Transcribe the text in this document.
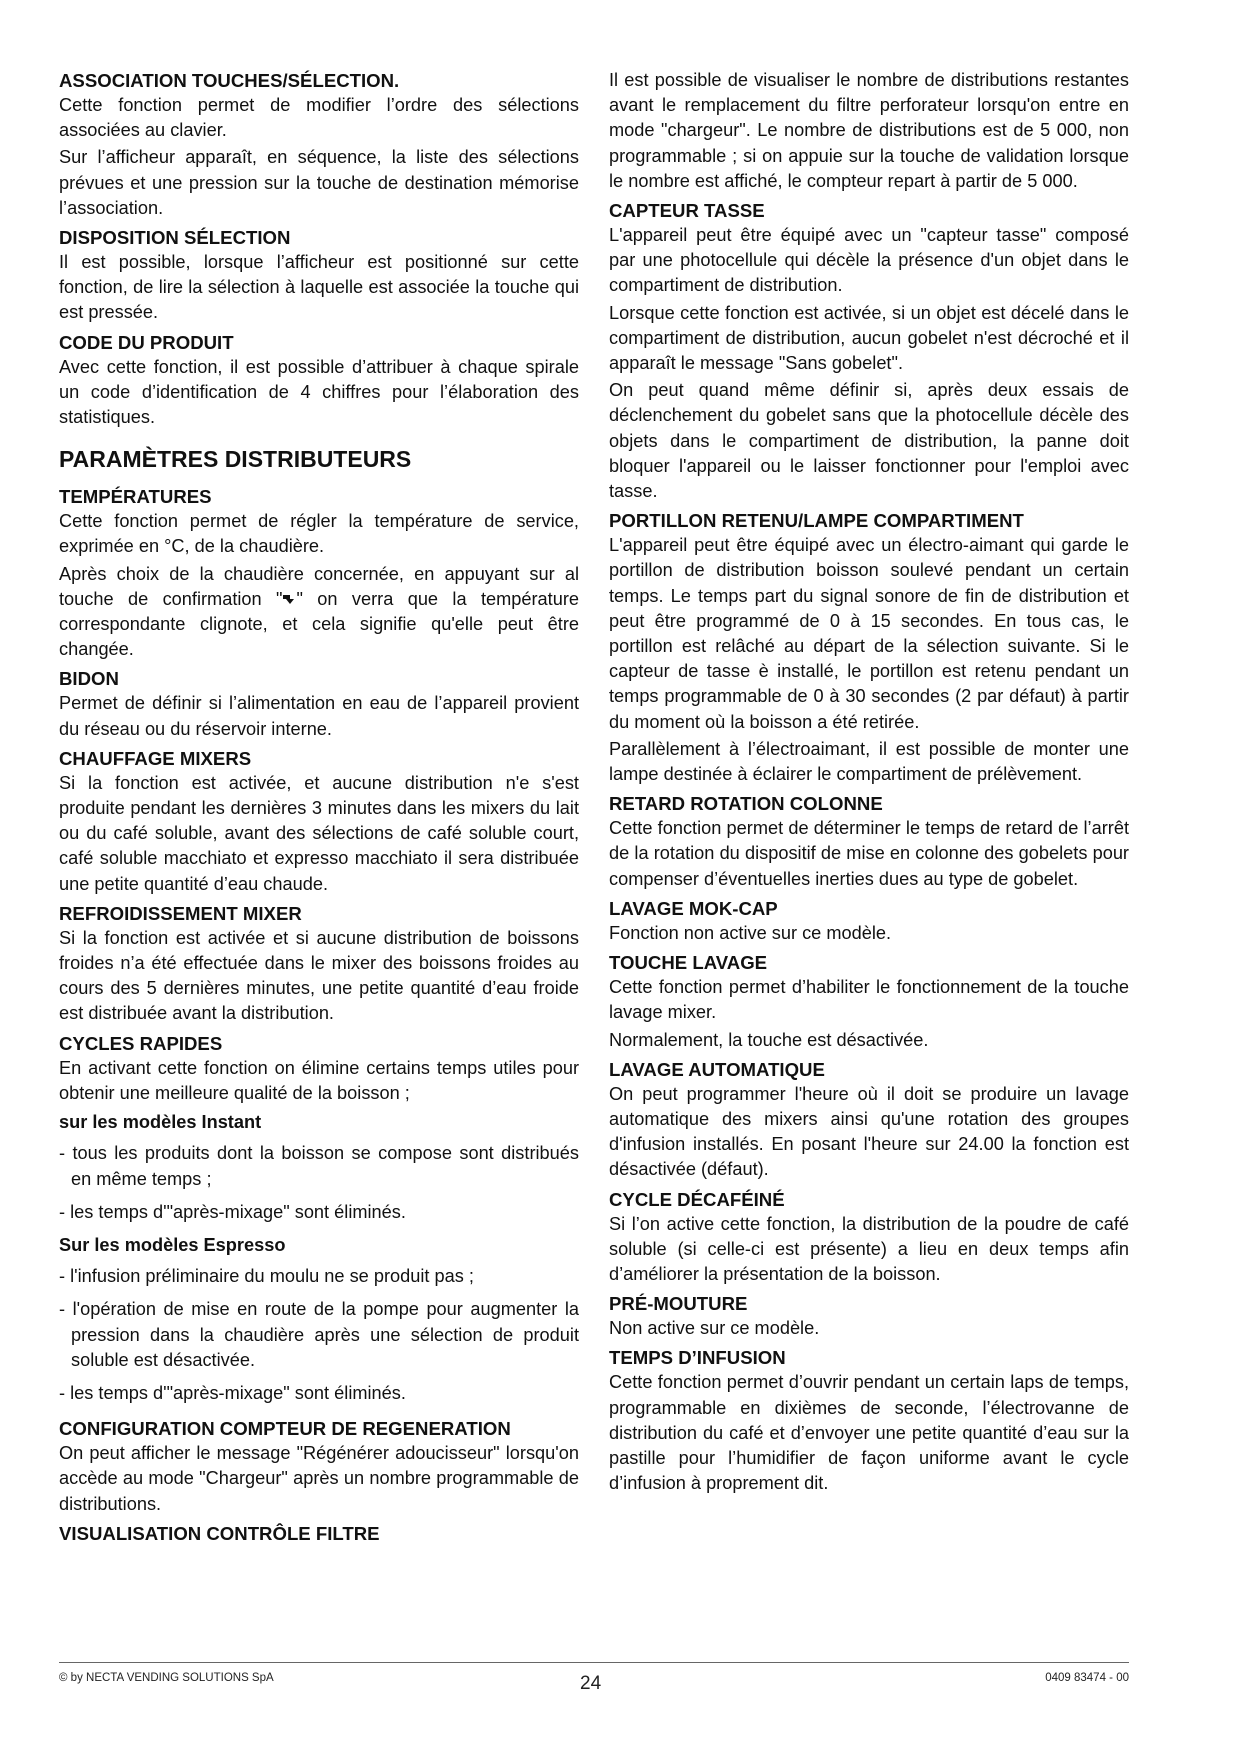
ASSOCIATION TOUCHES/SÉLECTION.

Cette fonction permet de modifier l’ordre des sélections associées au clavier.

Sur l’afficheur apparaît, en séquence, la liste des sélections prévues et une pression sur la touche de destination mémorise l’association.

DISPOSITION SÉLECTION

Il est possible, lorsque l’afficheur est positionné sur cette fonction, de lire la sélection à laquelle est associée la touche qui est pressée.

CODE DU PRODUIT

Avec cette fonction, il est possible d’attribuer à chaque spirale un code d’identification de 4 chiffres pour l’élaboration des statistiques.

PARAMÈTRES DISTRIBUTEURS

TEMPÉRATURES

Cette fonction permet de régler la température de service, exprimée en °C, de la chaudière.

Après choix de la chaudière concernée, en appuyant sur al touche de confirmation " " on verra que la température correspondante clignote, et cela signifie qu'elle peut être changée.

BIDON

Permet de définir si l’alimentation en eau de l’appareil provient du réseau ou du réservoir interne.

CHAUFFAGE MIXERS

Si la fonction est activée, et aucune distribution n'e s'est produite pendant les dernières 3 minutes dans les mixers du lait ou du café soluble, avant des sélections de café soluble court, café soluble macchiato et expresso macchiato il sera distribuée une petite quantité d’eau chaude.

REFROIDISSEMENT MIXER

Si la fonction est activée et si aucune distribution de boissons froides n’a été effectuée dans le mixer des boissons froides au cours des 5 dernières minutes, une petite quantité d’eau froide est distribuée avant la distribution.

CYCLES RAPIDES

En activant cette fonction on élimine certains temps utiles pour obtenir une meilleure qualité de la boisson ;

sur les modèles Instant

- tous les produits dont la boisson se compose sont distribués en même temps ;

- les temps d'"après-mixage" sont éliminés.

Sur les modèles Espresso

- l'infusion préliminaire du moulu ne se produit pas ;

- l'opération de mise en route de la pompe pour augmenter la pression dans la chaudière après une sélection de produit soluble est désactivée.

- les temps d'"après-mixage" sont éliminés.

CONFIGURATION COMPTEUR DE REGENERATION

On peut afficher le message "Régénérer adoucisseur" lorsqu'on accède au mode "Chargeur" après un nombre programmable de distributions.

VISUALISATION CONTRÔLE FILTRE

Il est possible de visualiser le nombre de distributions restantes avant le remplacement du filtre perforateur lorsqu'on entre en mode "chargeur". Le nombre de distributions est de 5 000, non programmable ; si on appuie sur la touche de validation lorsque le nombre est affiché, le compteur repart à partir de 5 000.

CAPTEUR TASSE

L'appareil peut être équipé avec un "capteur tasse" composé par une photocellule qui décèle la présence d'un objet dans le compartiment de distribution.

Lorsque cette fonction est activée, si un objet est décelé dans le compartiment de distribution, aucun gobelet n'est décroché et il apparaît le message "Sans gobelet".

On peut quand même définir si, après deux essais de déclenchement du gobelet sans que la photocellule décèle des objets dans le compartiment de distribution, la panne doit bloquer l'appareil ou le laisser fonctionner pour l'emploi avec tasse.

PORTILLON RETENU/LAMPE COMPARTIMENT

L'appareil peut être équipé avec un électro-aimant qui garde le portillon de distribution boisson soulevé pendant un certain temps. Le temps part du signal sonore de fin de distribution et peut être programmé de 0 à 15 secondes. En tous cas, le portillon est relâché au départ de la sélection suivante. Si le capteur de tasse è installé, le portillon est retenu pendant un temps programmable de 0 à 30 secondes (2 par défaut) à partir du moment où la boisson a été retirée.

Parallèlement à l’électroaimant, il est possible de monter une lampe destinée à éclairer le compartiment de prélèvement.

RETARD ROTATION COLONNE

Cette fonction permet de déterminer le temps de retard de l’arrêt de la rotation du dispositif de mise en colonne des gobelets pour compenser d’éventuelles inerties dues au type de gobelet.

LAVAGE MOK-CAP

Fonction non active sur ce modèle.

TOUCHE LAVAGE

Cette fonction permet d’habiliter le fonctionnement de la touche lavage mixer.

Normalement, la touche est désactivée.

LAVAGE AUTOMATIQUE

On peut programmer l'heure où il doit se produire un lavage automatique des mixers ainsi qu'une rotation des groupes d'infusion installés. En posant l'heure sur 24.00 la fonction est désactivée (défaut).

CYCLE DÉCAFÉINÉ

Si l’on active cette fonction, la distribution de la poudre de café soluble (si celle-ci est présente) a lieu en deux temps afin d’améliorer la présentation de la boisson.

PRÉ-MOUTURE

Non active sur ce modèle.

TEMPS D’INFUSION

Cette fonction permet d’ouvrir pendant un certain laps de temps, programmable en dixièmes de seconde, l’électrovanne de distribution du café et d’envoyer une petite quantité d’eau sur la pastille pour l’humidifier de façon uniforme avant le cycle d’infusion à proprement dit.

© by NECTA VENDING SOLUTIONS SpA	24	0409 83474 - 00
